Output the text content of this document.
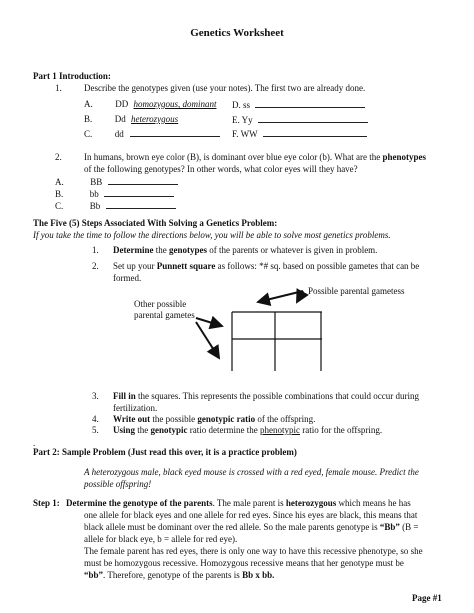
Genetics Worksheet
Part 1 Introduction:
1. Describe the genotypes given (use your notes). The first two are already done.
A.	DD homozygous, dominant
B.	Dd heterozygous
C.	dd
D. ss
E. Yy
F. WW
2. In humans, brown eye color (B), is dominant over blue eye color (b). What are the phenotypes
of the following genotypes? In other words, what color eyes will they have?
A.	BB
B.	bb
C.	Bb
The Five (5) Steps Associated With Solving a Genetics Problem:
If you take the time to follow the directions below, you will be able to solve most genetics problems.
1. Determine the genotypes of the parents or whatever is given in problem.
2. Set up your Punnett square as follows: *# sq. based on possible gametes that can be
formed.
Possible parental gametess
Other possible
parental gametes
3. Fill in the squares. This represents the possible combinations that could occur during
fertilization.
4. Write out the possible genotypic ratio of the offspring.
5. Using the genotypic ratio determine the phenotypic ratio for the offspring.
.
Part 2: Sample Problem (Just read this over, it is a practice problem)
A heterozygous male, black eyed mouse is crossed with a red eyed, female mouse. Predict the
possible offspring!
Step 1: Determine the genotype of the parents. The male parent is heterozygous which means he has
one allele for black eyes and one allele for red eyes. Since his eyes are black, this means that
black allele must be dominant over the red allele. So the male parents genotype is “Bb” (B =
allele for black eye, b = allele for red eye).
The female parent has red eyes, there is only one way to have this recessive phenotype, so she
must be homozygous recessive. Homozygous recessive means that her genotype must be
“bb”. Therefore, genotype of the parents is Bb x bb.
Page #1
